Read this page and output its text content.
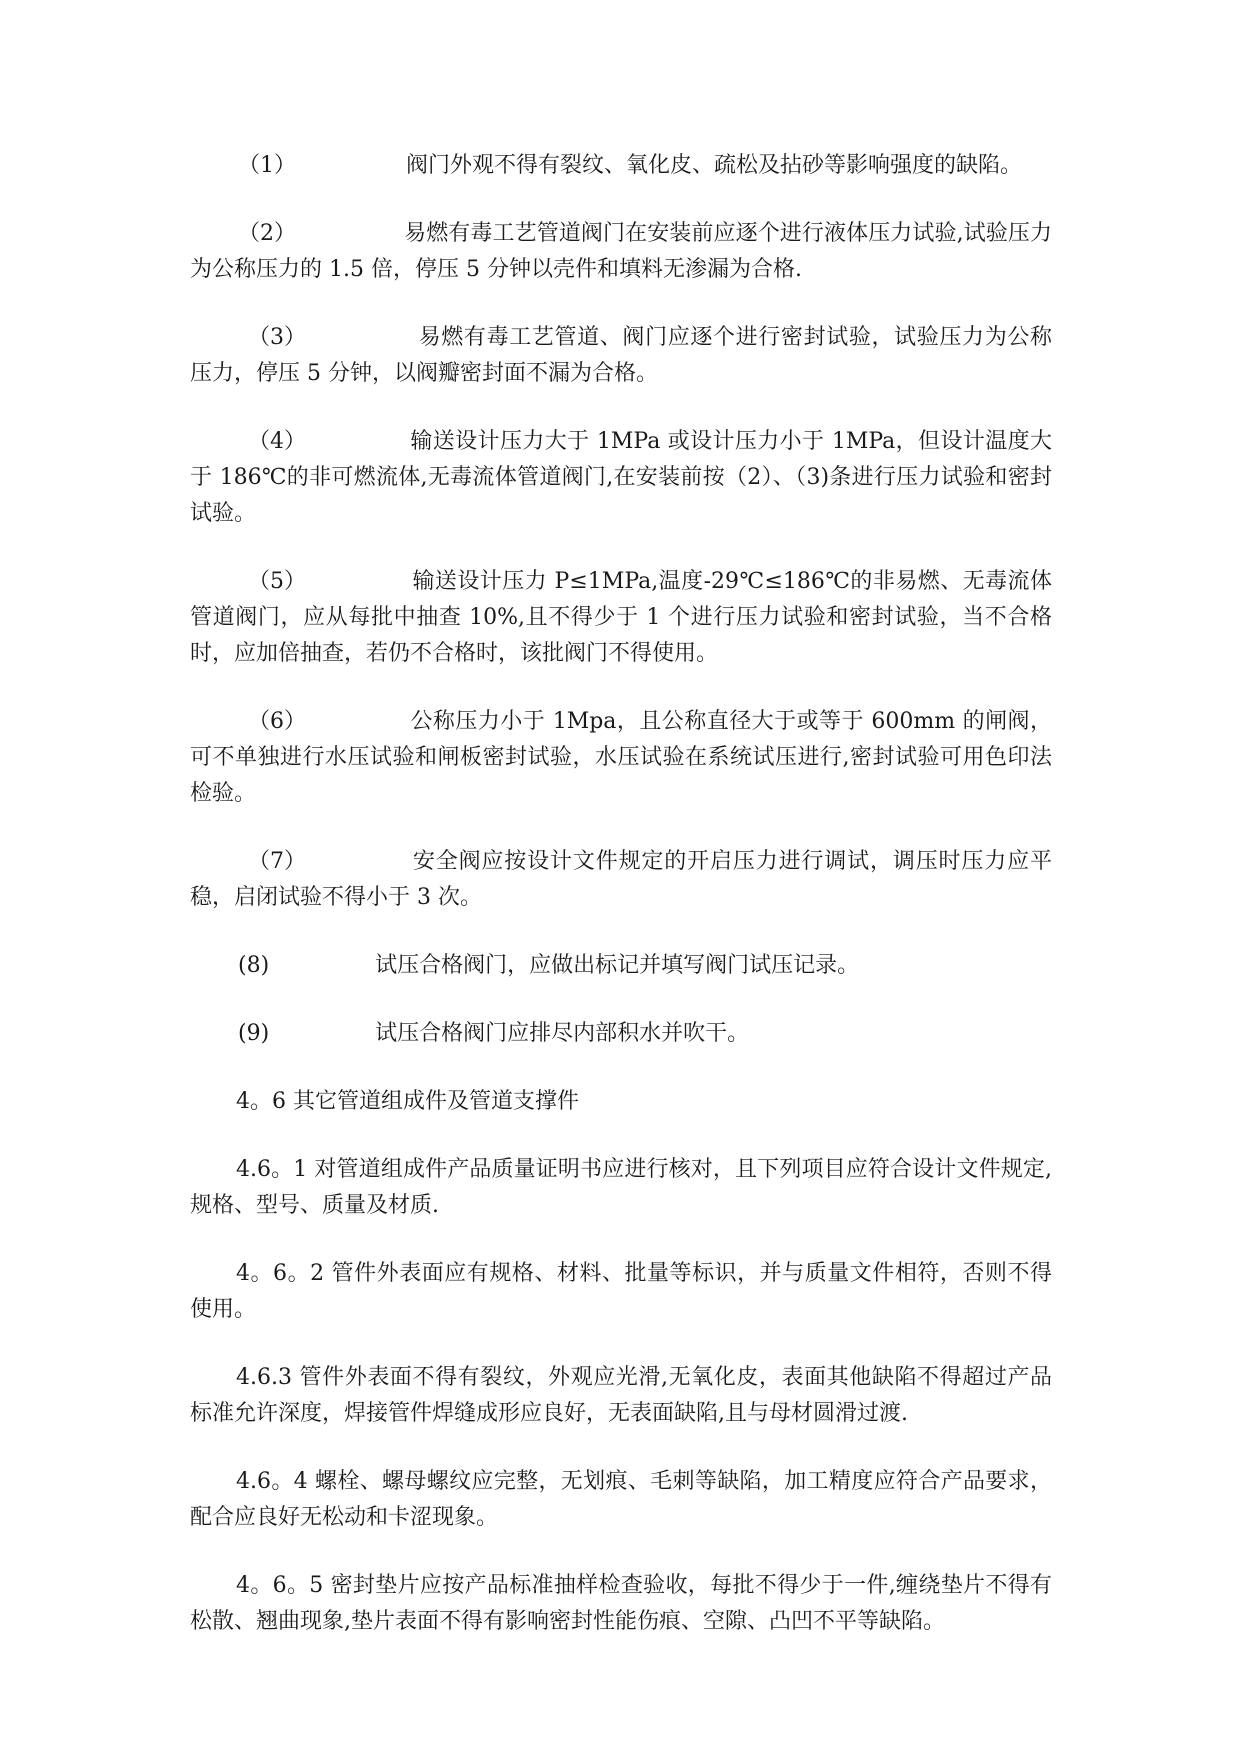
（1）	阀门外观不得有裂纹、氧化皮、疏松及拈砂等影响强度的缺陷。

（2）	易燃有毒工艺管道阀门在安装前应逐个进行液体压力试验,试验压力为公称压力的 1.5 倍，停压 5 分钟以壳件和填料无渗漏为合格.

（3）	易燃有毒工艺管道、阀门应逐个进行密封试验，试验压力为公称压力，停压 5 分钟，以阀瓣密封面不漏为合格。

（4）	输送设计压力大于 1MPa 或设计压力小于 1MPa，但设计温度大于 186℃的非可燃流体,无毒流体管道阀门,在安装前按（2）、（3)条进行压力试验和密封试验。

（5）	输送设计压力 P≤1MPa,温度-29℃≤186℃的非易燃、无毒流体管道阀门，应从每批中抽查 10%,且不得少于 1 个进行压力试验和密封试验，当不合格时，应加倍抽查，若仍不合格时，该批阀门不得使用。

（6）	公称压力小于 1Mpa，且公称直径大于或等于 600mm 的闸阀，可不单独进行水压试验和闸板密封试验，水压试验在系统试压进行,密封试验可用色印法检验。

（7）	安全阀应按设计文件规定的开启压力进行调试，调压时压力应平稳，启闭试验不得小于 3 次。

(8)	试压合格阀门，应做出标记并填写阀门试压记录。

(9)	试压合格阀门应排尽内部积水并吹干。

4。6 其它管道组成件及管道支撑件

4.6。1 对管道组成件产品质量证明书应进行核对，且下列项目应符合设计文件规定,规格、型号、质量及材质.

4。6。2 管件外表面应有规格、材料、批量等标识，并与质量文件相符，否则不得使用。

4.6.3 管件外表面不得有裂纹，外观应光滑,无氧化皮，表面其他缺陷不得超过产品标准允许深度，焊接管件焊缝成形应良好，无表面缺陷,且与母材圆滑过渡.

4.6。4 螺栓、螺母螺纹应完整，无划痕、毛刺等缺陷，加工精度应符合产品要求，配合应良好无松动和卡涩现象。

4。6。5 密封垫片应按产品标准抽样检查验收，每批不得少于一件,缠绕垫片不得有松散、翘曲现象,垫片表面不得有影响密封性能伤痕、空隙、凸凹不平等缺陷。
